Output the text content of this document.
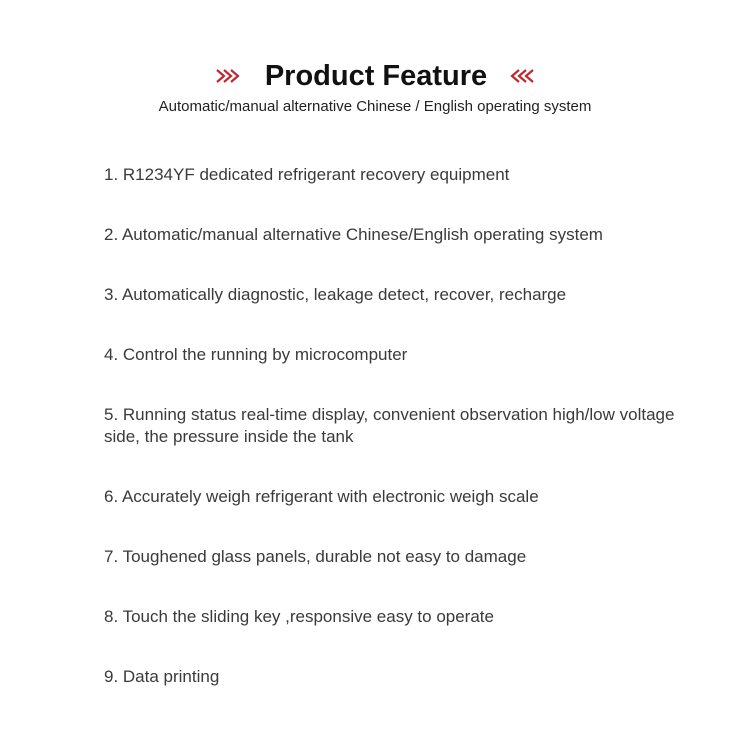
Product Feature
Automatic/manual alternative Chinese / English operating system
1. R1234YF dedicated refrigerant recovery equipment
2. Automatic/manual alternative Chinese/English operating system
3. Automatically diagnostic, leakage detect, recover, recharge
4. Control the running by microcomputer
5. Running status real-time display, convenient observation high/low voltage side, the pressure inside the tank
6. Accurately weigh refrigerant with electronic weigh scale
7. Toughened glass panels, durable not easy to damage
8. Touch the sliding key ,responsive easy to operate
9. Data printing
